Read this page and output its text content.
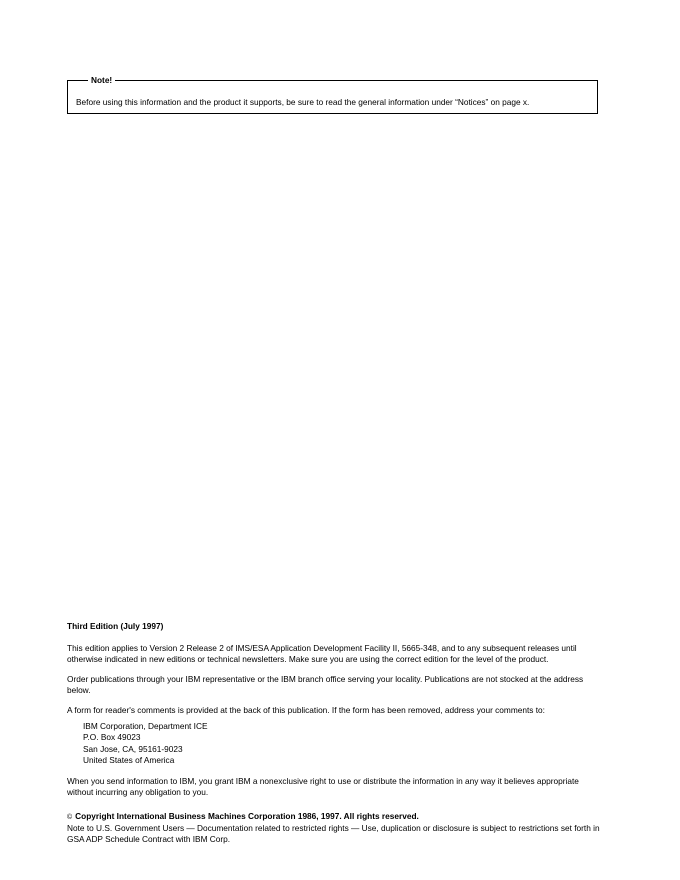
Note!
Before using this information and the product it supports, be sure to read the general information under “Notices” on page x.

Third Edition (July 1997)

This edition applies to Version 2 Release 2 of IMS/ESA Application Development Facility II, 5665-348, and to any subsequent releases until otherwise indicated in new editions or technical newsletters. Make sure you are using the correct edition for the level of the product.

Order publications through your IBM representative or the IBM branch office serving your locality. Publications are not stocked at the address below.

A form for reader's comments is provided at the back of this publication. If the form has been removed, address your comments to:

IBM Corporation, Department ICE
P.O. Box 49023
San Jose, CA, 95161-9023
United States of America

When you send information to IBM, you grant IBM a nonexclusive right to use or distribute the information in any way it believes appropriate without incurring any obligation to you.

© Copyright International Business Machines Corporation 1986, 1997. All rights reserved.
Note to U.S. Government Users — Documentation related to restricted rights — Use, duplication or disclosure is subject to restrictions set forth in GSA ADP Schedule Contract with IBM Corp.
